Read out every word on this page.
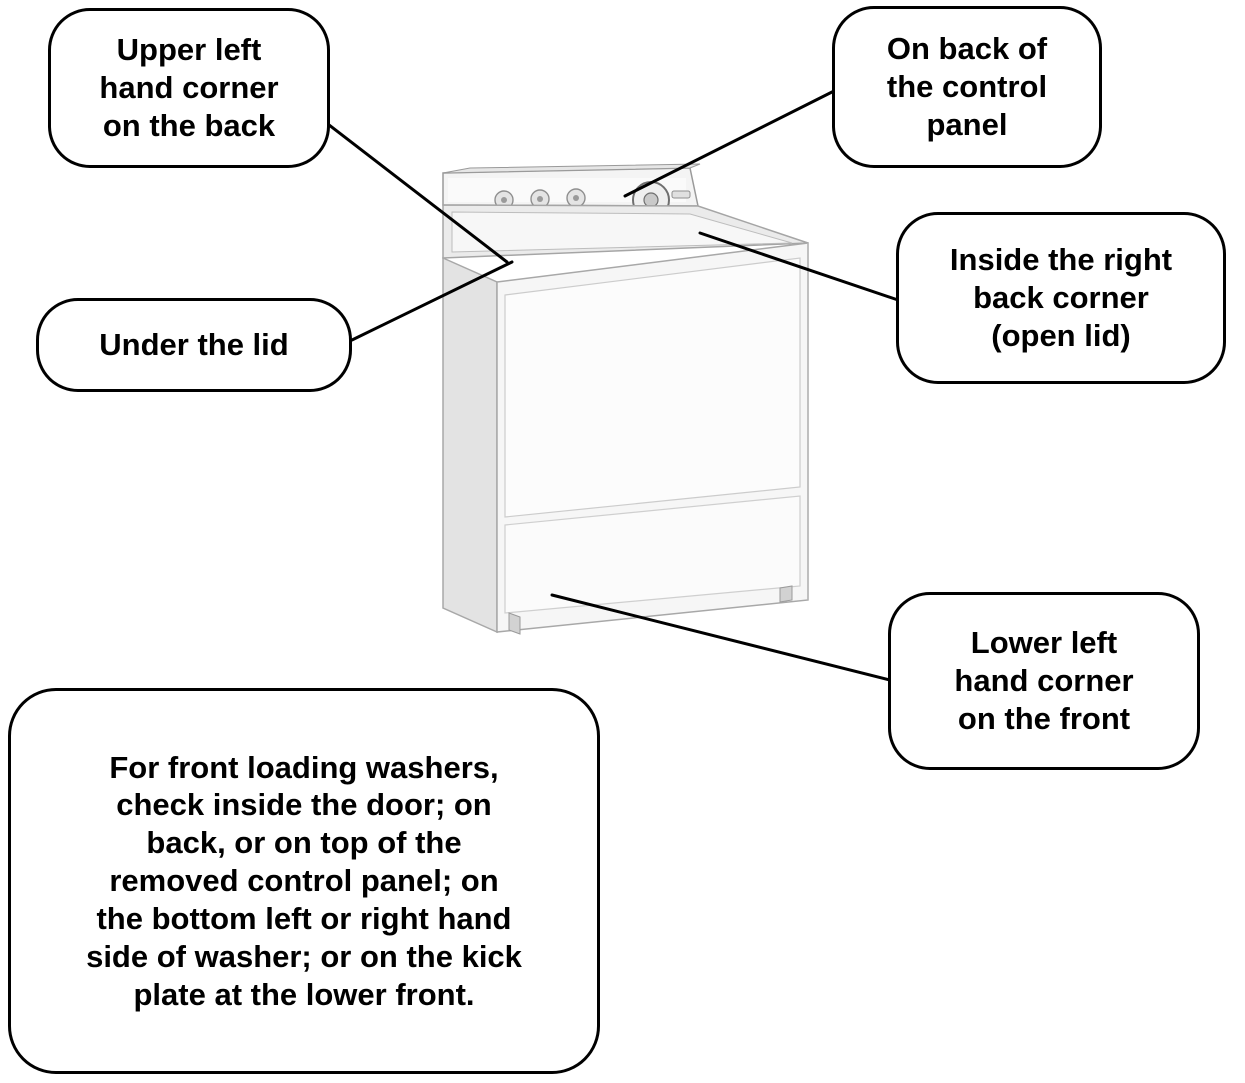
Upper left
hand corner
on the back
On back of
the control
panel
Under the lid
Inside the right
back corner
(open lid)
Lower left
hand corner
on the front
For front loading washers,
check inside the door; on
back, or on top of the
removed control panel; on
the bottom left or right hand
side of washer; or on the kick
plate at the lower front.
